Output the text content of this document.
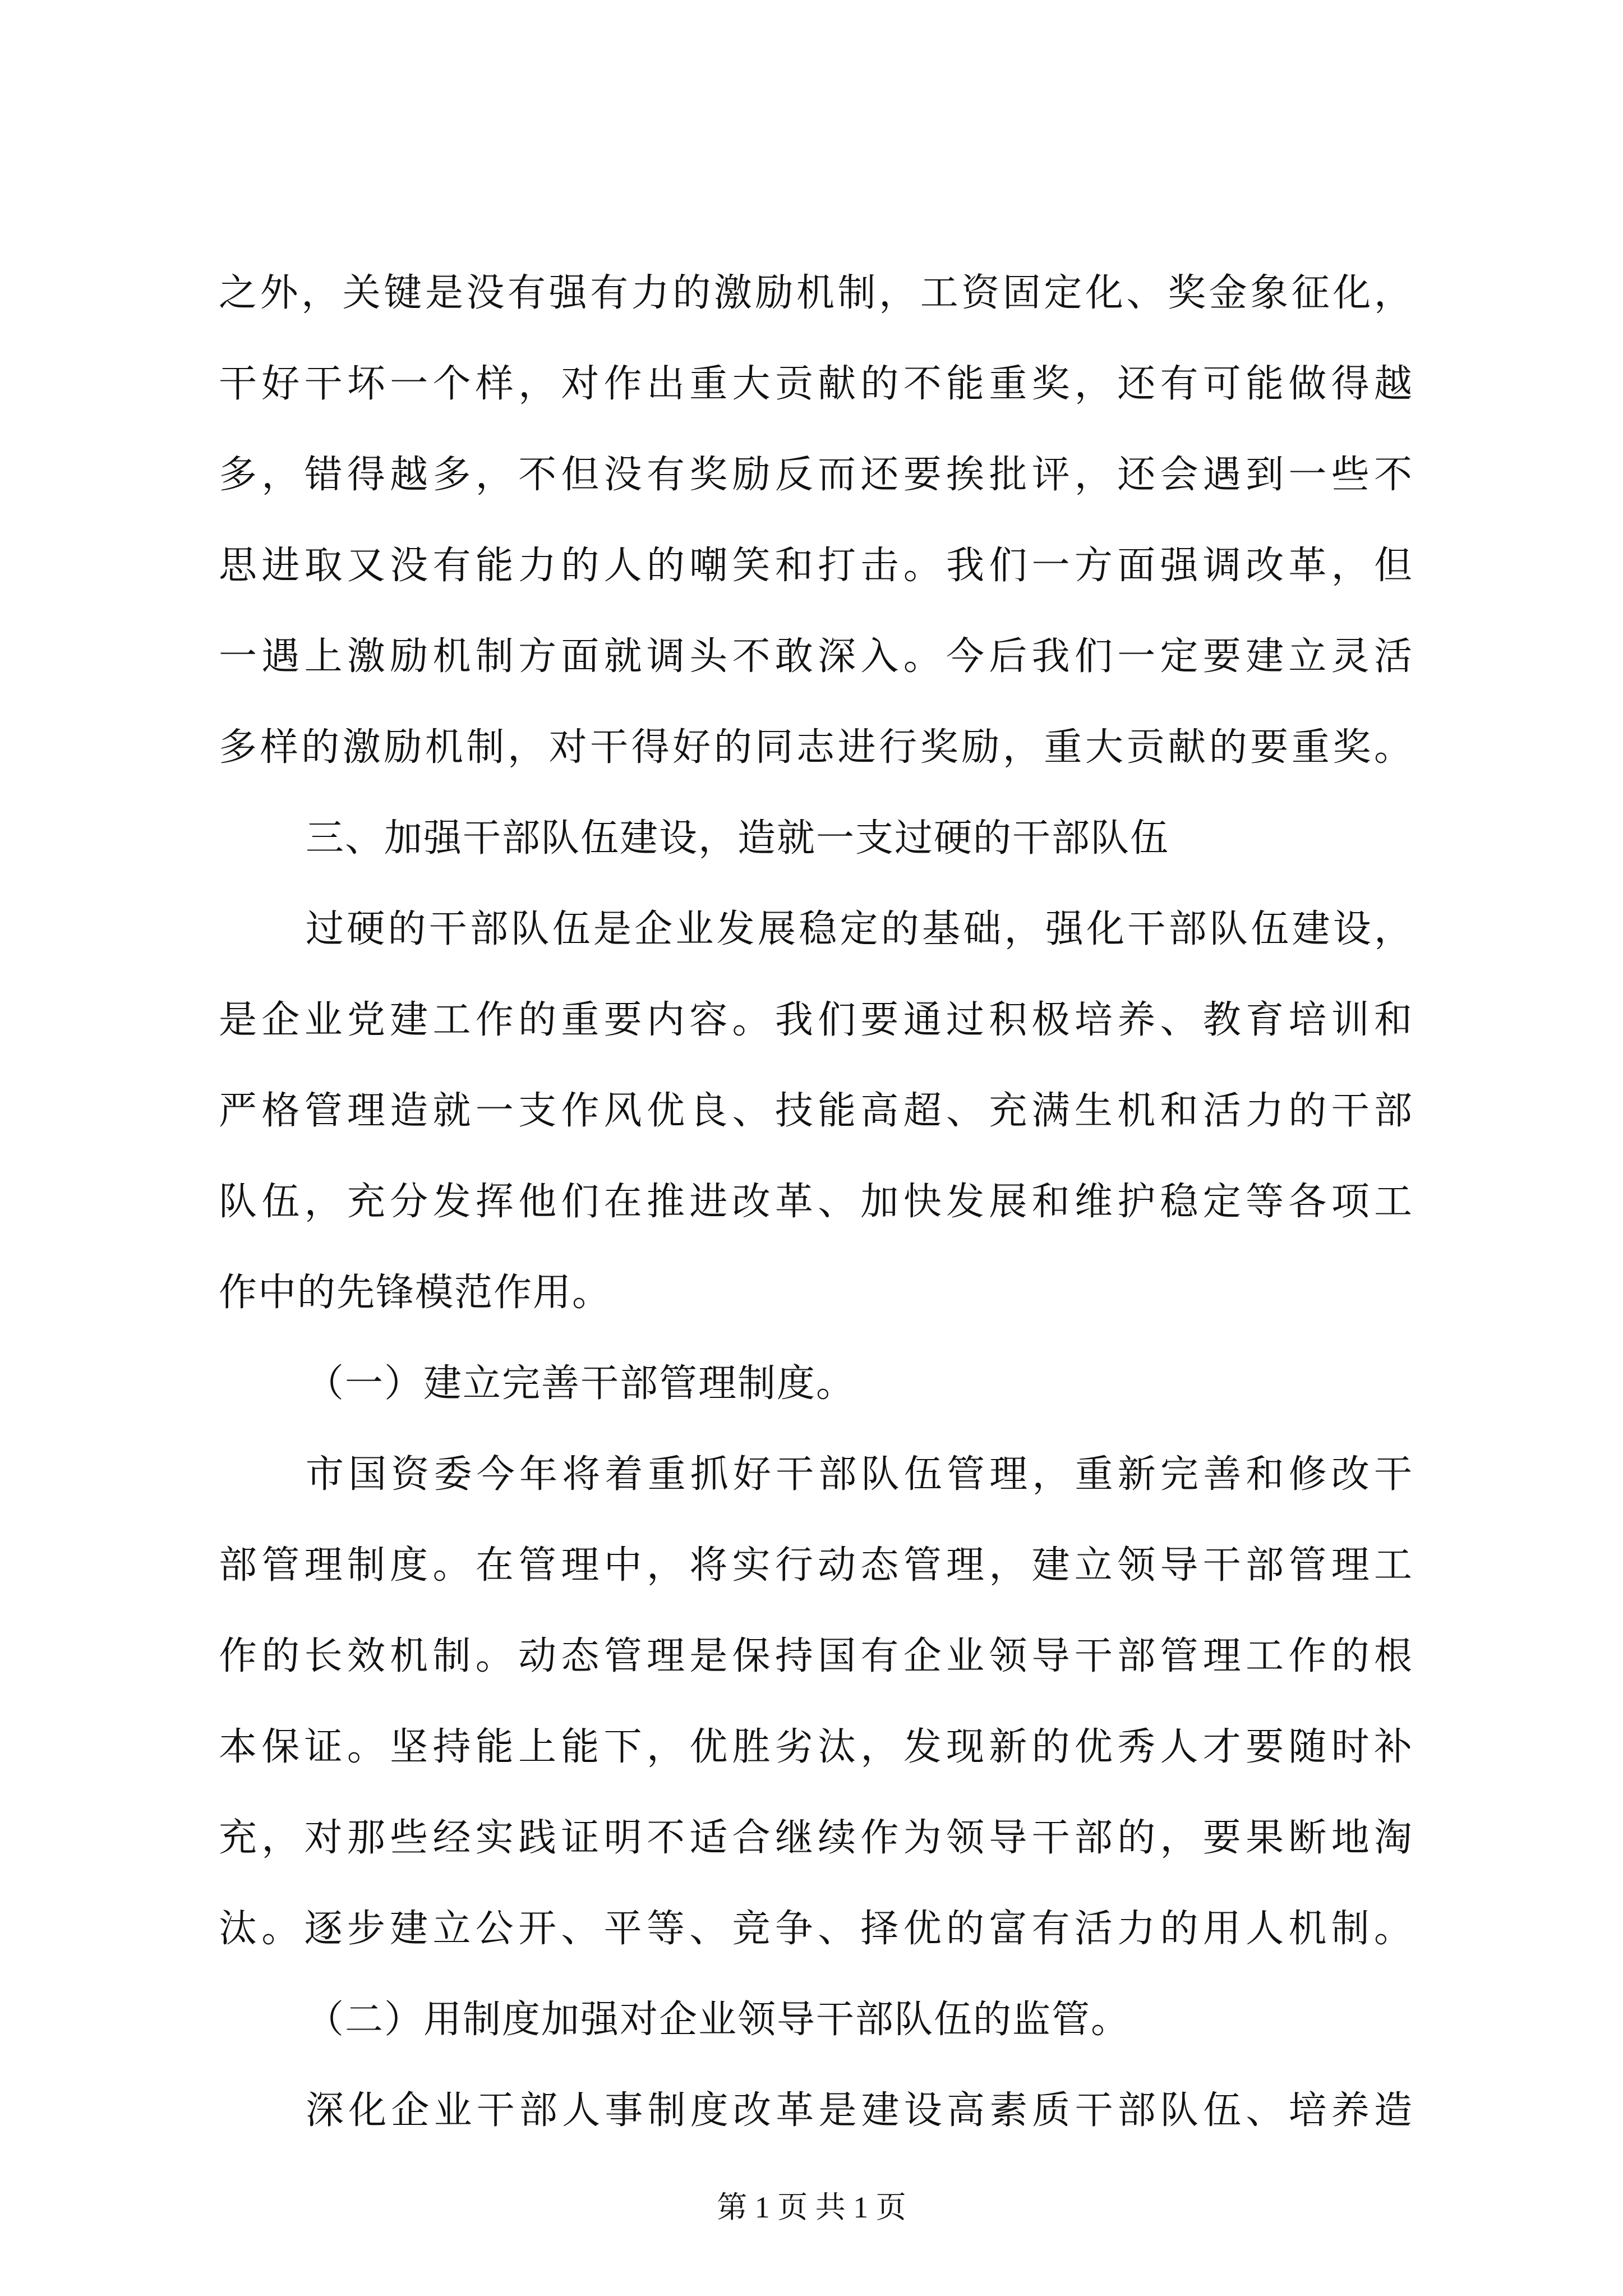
之外，关键是没有强有力的激励机制，工资固定化、奖金象征化，
干好干坏一个样，对作出重大贡献的不能重奖，还有可能做得越
多，错得越多，不但没有奖励反而还要挨批评，还会遇到一些不
思进取又没有能力的人的嘲笑和打击。我们一方面强调改革，但
一遇上激励机制方面就调头不敢深入。今后我们一定要建立灵活
多样的激励机制，对干得好的同志进行奖励，重大贡献的要重奖。
三、加强干部队伍建设，造就一支过硬的干部队伍
过硬的干部队伍是企业发展稳定的基础，强化干部队伍建设，
是企业党建工作的重要内容。我们要通过积极培养、教育培训和
严格管理造就一支作风优良、技能高超、充满生机和活力的干部
队伍，充分发挥他们在推进改革、加快发展和维护稳定等各项工
作中的先锋模范作用。
（一）建立完善干部管理制度。
市国资委今年将着重抓好干部队伍管理，重新完善和修改干
部管理制度。在管理中，将实行动态管理，建立领导干部管理工
作的长效机制。动态管理是保持国有企业领导干部管理工作的根
本保证。坚持能上能下，优胜劣汰，发现新的优秀人才要随时补
充，对那些经实践证明不适合继续作为领导干部的，要果断地淘
汰。逐步建立公开、平等、竞争、择优的富有活力的用人机制。
（二）用制度加强对企业领导干部队伍的监管。
深化企业干部人事制度改革是建设高素质干部队伍、培养造
第 1 页 共 1 页
